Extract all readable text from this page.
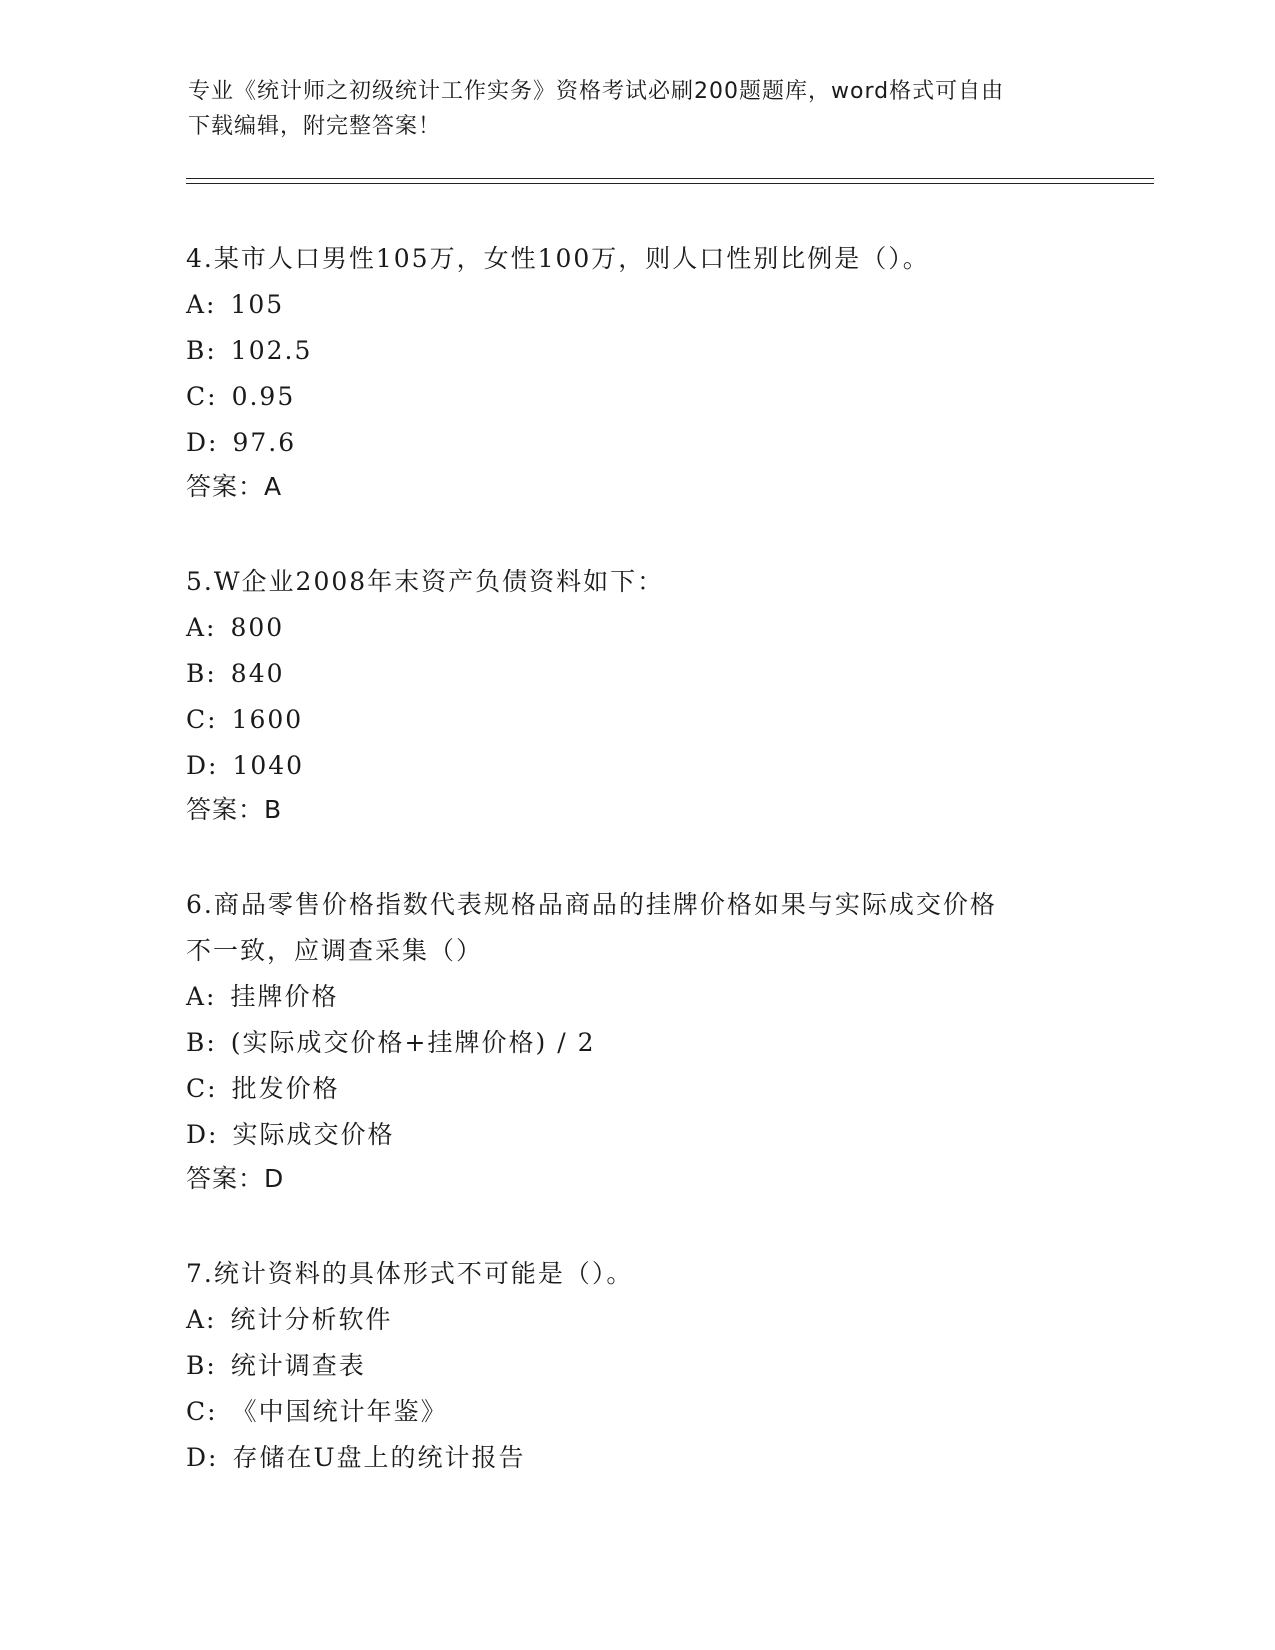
专业《统计师之初级统计工作实务》资格考试必刷200题题库，word格式可自由
下载编辑，附完整答案！
4.某市人口男性105万，女性100万，则人口性别比例是（）。
A: 105
B: 102.5
C: 0.95
D: 97.6
答案：A
5.W企业2008年末资产负债资料如下：
A: 800
B: 840
C: 1600
D: 1040
答案：B
6.商品零售价格指数代表规格品商品的挂牌价格如果与实际成交价格
不一致，应调查采集（）
A: 挂牌价格
B: (实际成交价格+挂牌价格) / 2
C: 批发价格
D: 实际成交价格
答案：D
7.统计资料的具体形式不可能是（）。
A: 统计分析软件
B: 统计调查表
C: 《中国统计年鉴》
D: 存储在U盘上的统计报告
